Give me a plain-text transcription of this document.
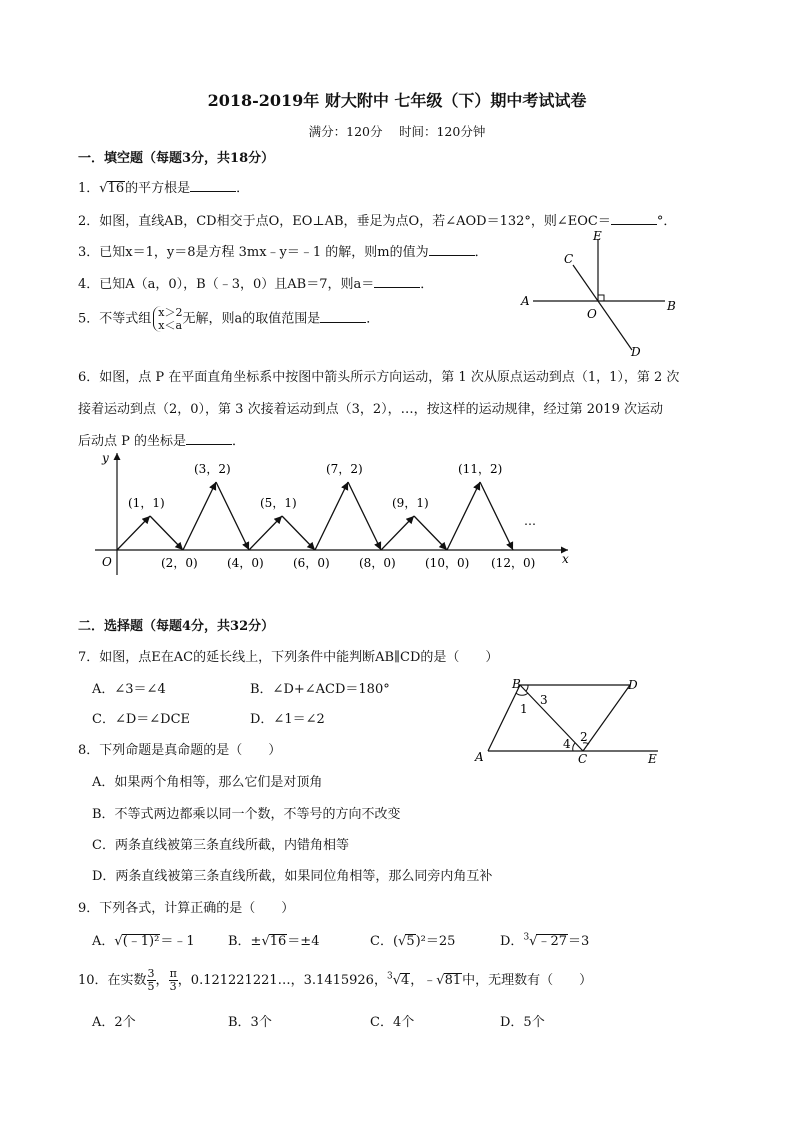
2018-2019年 财大附中 七年级（下）期中考试试卷
满分：120分　 时间：120分钟
一．填空题（每题3分，共18分）
1．√16的平方根是	．
2．如图，直线AB，CD相交于点O，EO⊥AB，垂足为点O，若∠AOD＝132°，则∠EOC＝	°．
3．已知x＝1，y＝8是方程 3mx﹣y＝﹣1 的解，则m的值为	．
4．已知A（a，0），B（﹣3，0）且AB＝7，则a＝	．
5．不等式组 x＞2
x＜a 无解，则a的取值范围是	．
E
C
A	B
O
D
6．如图，点 P 在平面直角坐标系中按图中箭头所示方向运动，第 1 次从原点运动到点（1，1），第 2 次
接着运动到点（2，0），第 3 次接着运动到点（3，2），…，按这样的运动规律，经过第 2019 次运动
后动点 P 的坐标是	．
y
x
O
(1，1)
(3，2)
(5，1)
(7，2)
(9，1)
(11，2)
(2，0) (4，0) (6，0) (8，0) (10，0) (12，0)
…
二．选择题（每题4分，共32分）
7．如图，点E在AC的延长线上，下列条件中能判断AB∥CD的是（　　）
A．∠3＝∠4	B．∠D+∠ACD＝180°
C．∠D＝∠DCE	D．∠1＝∠2
B	D
A	C	E
1
3
4 2
8．下列命题是真命题的是（　　）
A．如果两个角相等，那么它们是对顶角
B．不等式两边都乘以同一个数，不等号的方向不改变
C．两条直线被第三条直线所截，内错角相等
D．两条直线被第三条直线所截，如果同位角相等，那么同旁内角互补
9．下列各式，计算正确的是（　　）
A．√(﹣1)²＝﹣1	B．±√16＝±4	C．(√5)²＝25	D．$^3$√﹣27＝3
10．在实数 $\frac{3}{5}$ ， $\frac{\pi}{3}$ ，0.121221221…，3.1415926，$^3$√4，﹣√81中，无理数有（　　）
A．2个	B．3个	C．4个	D．5个
